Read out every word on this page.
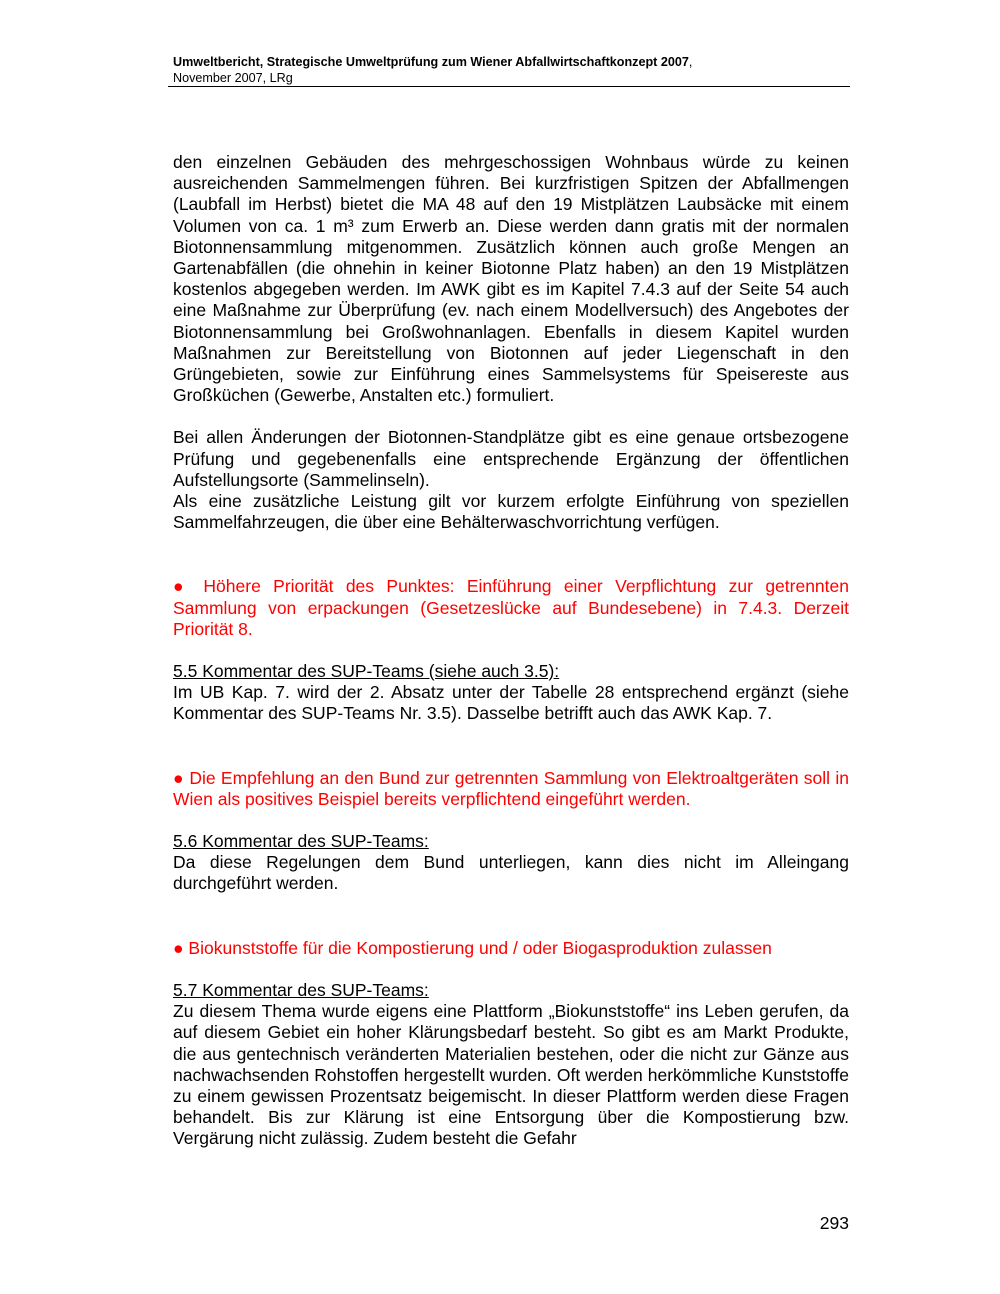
Umweltbericht, Strategische Umweltprüfung zum Wiener Abfallwirtschaftkonzept 2007,
November 2007, LRg

den einzelnen Gebäuden des mehrgeschossigen Wohnbaus würde zu keinen ausreichenden Sammelmengen führen. Bei kurzfristigen Spitzen der Abfallmengen (Laubfall im Herbst) bietet die MA 48 auf den 19 Mistplätzen Laubsäcke mit einem Volumen von ca. 1 m³ zum Erwerb an. Diese werden dann gratis mit der normalen Biotonnensammlung mitgenommen. Zusätzlich können auch große Mengen an Gartenabfällen (die ohnehin in keiner Biotonne Platz haben) an den 19 Mistplätzen kostenlos abgegeben werden. Im AWK gibt es im Kapitel 7.4.3 auf der Seite 54 auch eine Maßnahme zur Überprüfung (ev. nach einem Modellversuch) des Angebotes der Biotonnensammlung bei Großwohnanlagen. Ebenfalls in diesem Kapitel wurden Maßnahmen zur Bereitstellung von Biotonnen auf jeder Liegenschaft in den Grüngebieten, sowie zur Einführung eines Sammelsystems für Speisereste aus Großküchen (Gewerbe, Anstalten etc.) formuliert.

Bei allen Änderungen der Biotonnen-Standplätze gibt es eine genaue ortsbezogene Prüfung und gegebenenfalls eine entsprechende Ergänzung der öffentlichen Aufstellungsorte (Sammelinseln).

Als eine zusätzliche Leistung gilt vor kurzem erfolgte Einführung von speziellen Sammelfahrzeugen, die über eine Behälterwaschvorrichtung verfügen.

● Höhere Priorität des Punktes: Einführung einer Verpflichtung zur getrennten Sammlung von erpackungen (Gesetzeslücke auf Bundesebene) in 7.4.3. Derzeit Priorität 8.

5.5 Kommentar des SUP-Teams (siehe auch 3.5):

Im UB Kap. 7. wird der 2. Absatz unter der Tabelle 28 entsprechend ergänzt (siehe Kommentar des SUP-Teams Nr. 3.5). Dasselbe betrifft auch das AWK Kap. 7.

● Die Empfehlung an den Bund zur getrennten Sammlung von Elektroaltgeräten soll in Wien als positives Beispiel bereits verpflichtend eingeführt werden.

5.6 Kommentar des SUP-Teams:

Da diese Regelungen dem Bund unterliegen, kann dies nicht im Alleingang durchgeführt werden.

● Biokunststoffe für die Kompostierung und / oder Biogasproduktion zulassen

5.7 Kommentar des SUP-Teams:

Zu diesem Thema wurde eigens eine Plattform „Biokunststoffe“ ins Leben gerufen, da auf diesem Gebiet ein hoher Klärungsbedarf besteht. So gibt es am Markt Produkte, die aus gentechnisch veränderten Materialien bestehen, oder die nicht zur Gänze aus nachwachsenden Rohstoffen hergestellt wurden. Oft werden herkömmliche Kunststoffe zu einem gewissen Prozentsatz beigemischt. In dieser Plattform werden diese Fragen behandelt. Bis zur Klärung ist eine Entsorgung über die Kompostierung bzw. Vergärung nicht zulässig. Zudem besteht die Gefahr

293
